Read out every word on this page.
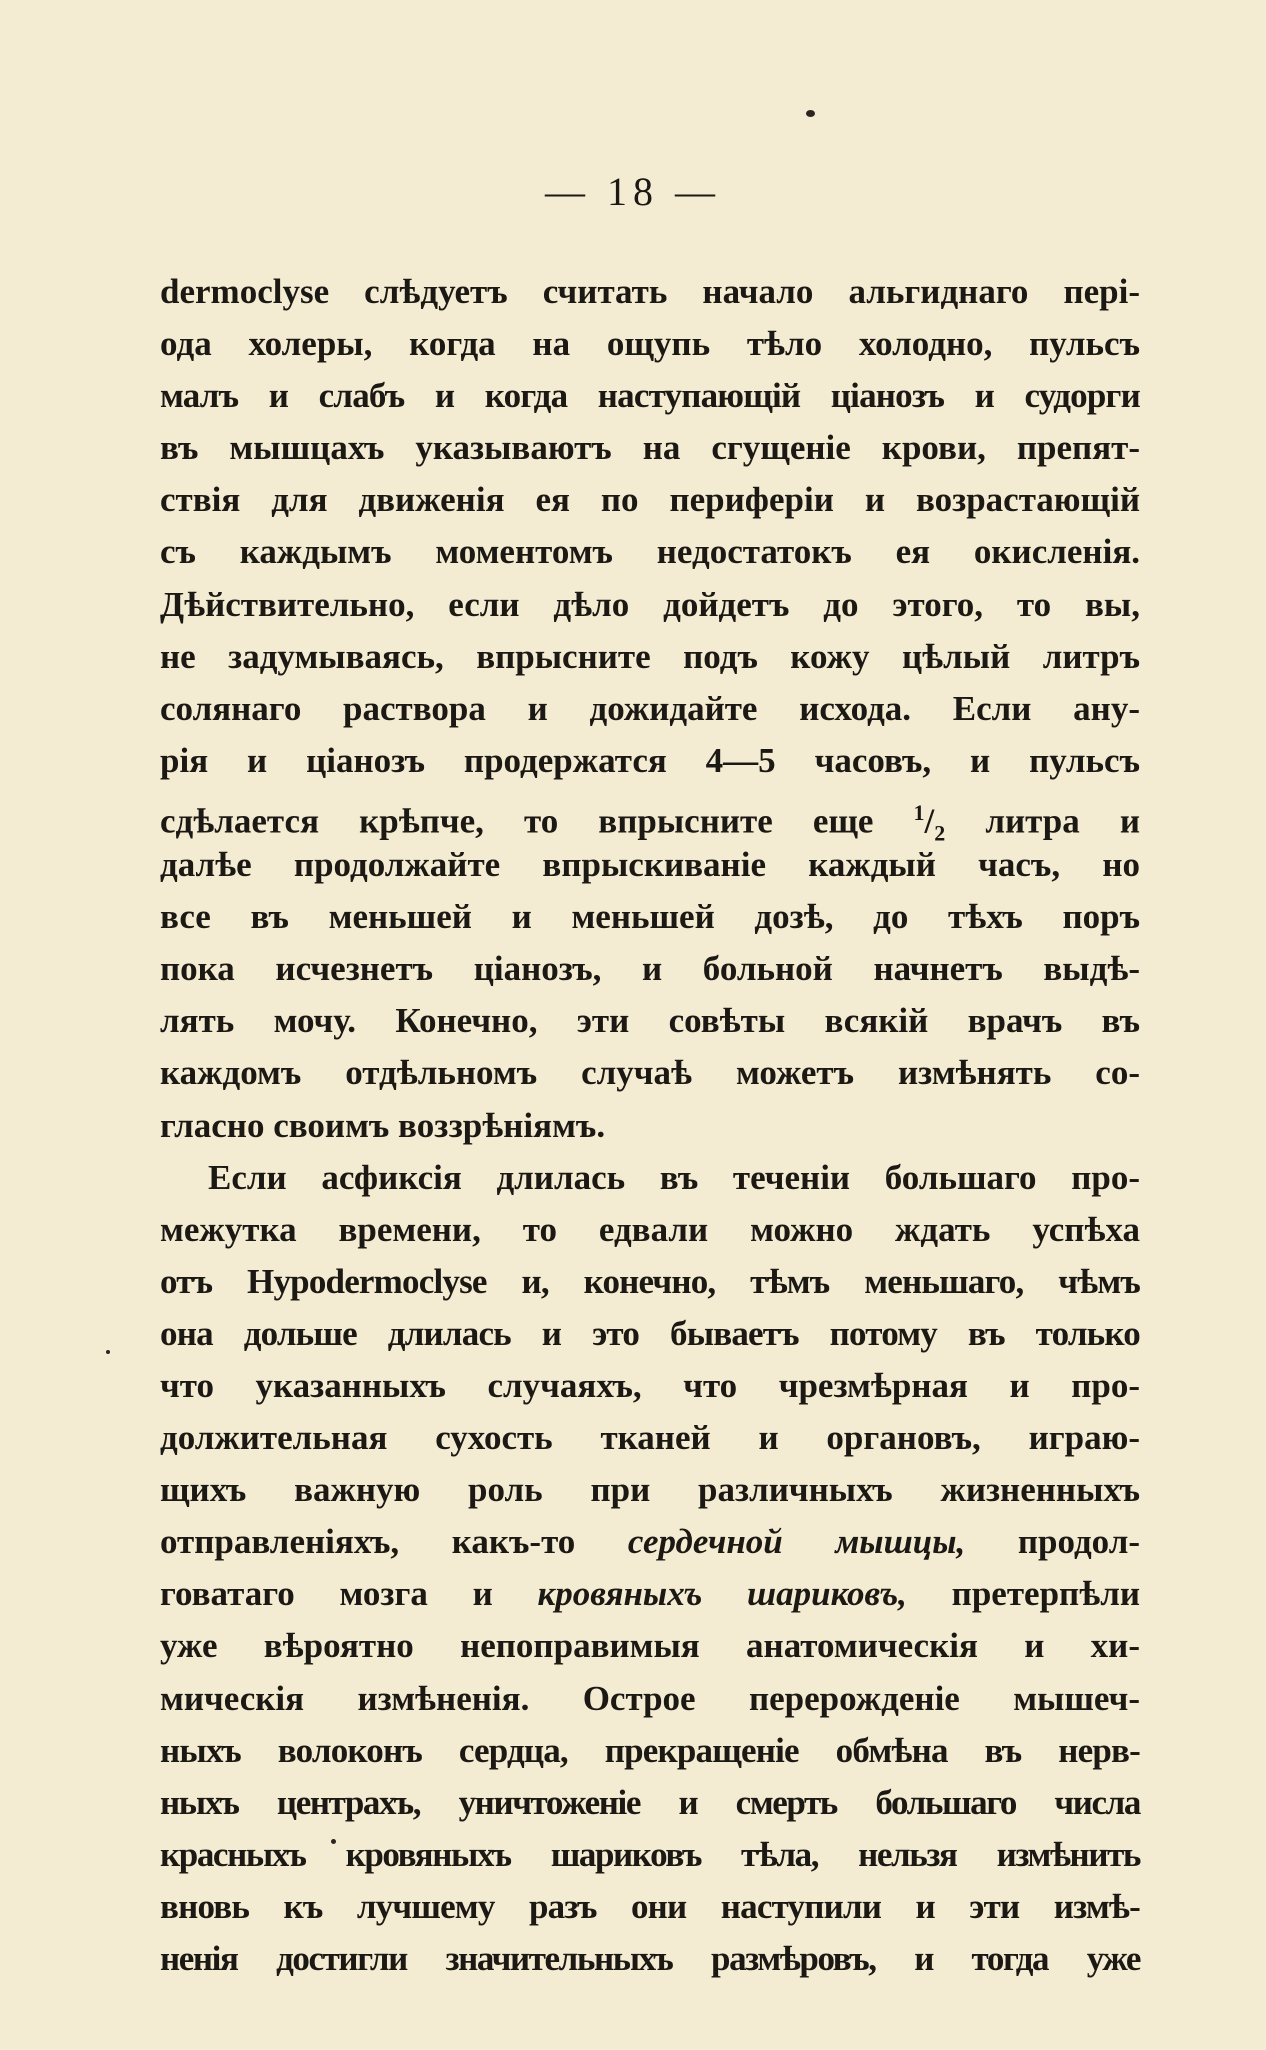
— 18 —
dermoclyse слѣдуетъ считать начало альгиднаго перi-
ода холеры, когда на ощупь тѣло холодно, пульсъ
малъ и слабъ и когда наступающiй цiанозъ и судорги
въ мышцахъ указываютъ на сгущенiе крови, препят-
ствiя для движенiя ея по периферiи и возрастающiй
съ каждымъ моментомъ недостатокъ ея окисленiя.
Дѣйствительно, если дѣло дойдетъ до этого, то вы,
не задумываясь, впрысните подъ кожу цѣлый литръ
солянаго раствора и дожидайте исхода. Если ану-
рiя и цiанозъ продержатся 4—5 часовъ, и пульсъ
сдѣлается крѣпче, то впрысните еще $^1/_2$ литра и
далѣе продолжайте впрыскиванiе каждый часъ, но
все въ меньшей и меньшей дозѣ, до тѣхъ поръ
пока исчезнетъ цiанозъ, и больной начнетъ выдѣ-
лять мочу. Конечно, эти совѣты всякiй врачъ въ
каждомъ отдѣльномъ случаѣ можетъ измѣнять со-
гласно своимъ воззрѣнiямъ.
Если асфиксiя длилась въ теченiи большаго про-
межутка времени, то едвали можно ждать успѣха
отъ Hypodermoclyse и, конечно, тѣмъ меньшаго, чѣмъ
она дольше длилась и это бываетъ потому въ только
что указанныхъ случаяхъ, что чрезмѣрная и про-
должительная сухость тканей и органовъ, играю-
щихъ важную роль при различныхъ жизненныхъ
отправленiяхъ, какъ-то сердечной мышцы, продол-
говатаго мозга и кровяныхъ шариковъ, претерпѣли
уже вѣроятно непоправимыя анатомическiя и хи-
мическiя измѣненiя. Острое перерожденiе мышеч-
ныхъ волоконъ сердца, прекращенiе обмѣна въ нерв-
ныхъ центрахъ, уничтоженiе и смерть большаго числа
красныхъ кровяныхъ шариковъ тѣла, нельзя измѣнить
вновь къ лучшему разъ они наступили и эти измѣ-
ненiя достигли значительныхъ размѣровъ, и тогда уже
